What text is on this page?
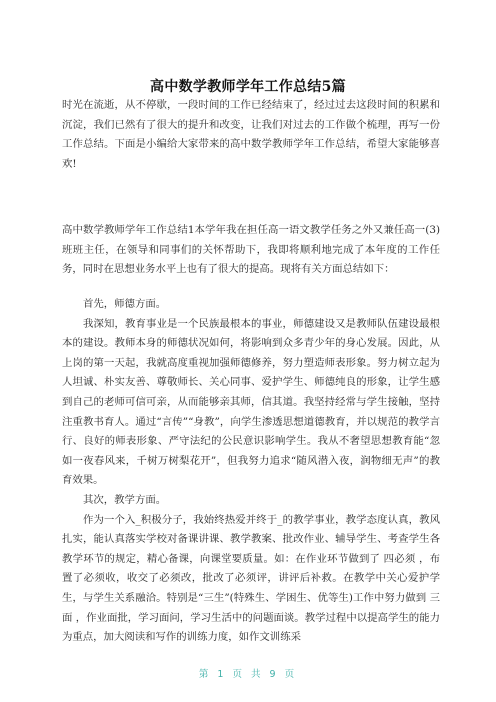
高中数学教师学年工作总结5篇
时光在流逝，从不停歇，一段时间的工作已经结束了，经过过去这段时间的积累和沉淀，我们已然有了很大的提升和改变，让我们对过去的工作做个梳理，再写一份工作总结。下面是小编给大家带来的高中数学教师学年工作总结，希望大家能够喜欢!
高中数学教师学年工作总结1本学年我在担任高一语文教学任务之外又兼任高一(3)班班主任，在领导和同事们的关怀帮助下，我即将顺利地完成了本年度的工作任务，同时在思想业务水平上也有了很大的提高。现将有关方面总结如下：
首先，师德方面。
我深知，教育事业是一个民族最根本的事业，师德建设又是教师队伍建设最根本的建设。教师本身的师德状况如何，将影响到众多青少年的身心发展。因此，从上岗的第一天起，我就高度重视加强师德修养，努力塑造师表形象。努力树立起为人坦诚、朴实友善、尊敬师长、关心同事、爱护学生、师德纯良的形象，让学生感到自己的老师可信可亲，从而能够亲其师，信其道。我坚持经常与学生接触，坚持注重教书育人。通过“言传”“身教”，向学生渗透思想道德教育，并以规范的教学言行、良好的师表形象、严守法纪的公民意识影响学生。我从不奢望思想教育能“忽如一夜春风来，千树万树梨花开”，但我努力追求“随风潜入夜，润物细无声”的教育效果。
其次，教学方面。
作为一个入_积极分子，我始终热爱并终于_的教学事业，教学态度认真，教风扎实，能认真落实学校对备课讲课、教学教案、批改作业、辅导学生、考查学生各教学环节的规定，精心备课，向课堂要质量。如：在作业环节做到了 四必须 ，布置了必须收，收交了必须改，批改了必须评，讲评后补救。在教学中关心爱护学生，与学生关系融洽。特别是“三生”(特殊生、学困生、优等生)工作中努力做到 三面 ，作业面批，学习面问，学习生活中的问题面谈。教学过程中以提高学生的能力为重点，加大阅读和写作的训练力度，如作文训练采
第 1 页 共 9 页
